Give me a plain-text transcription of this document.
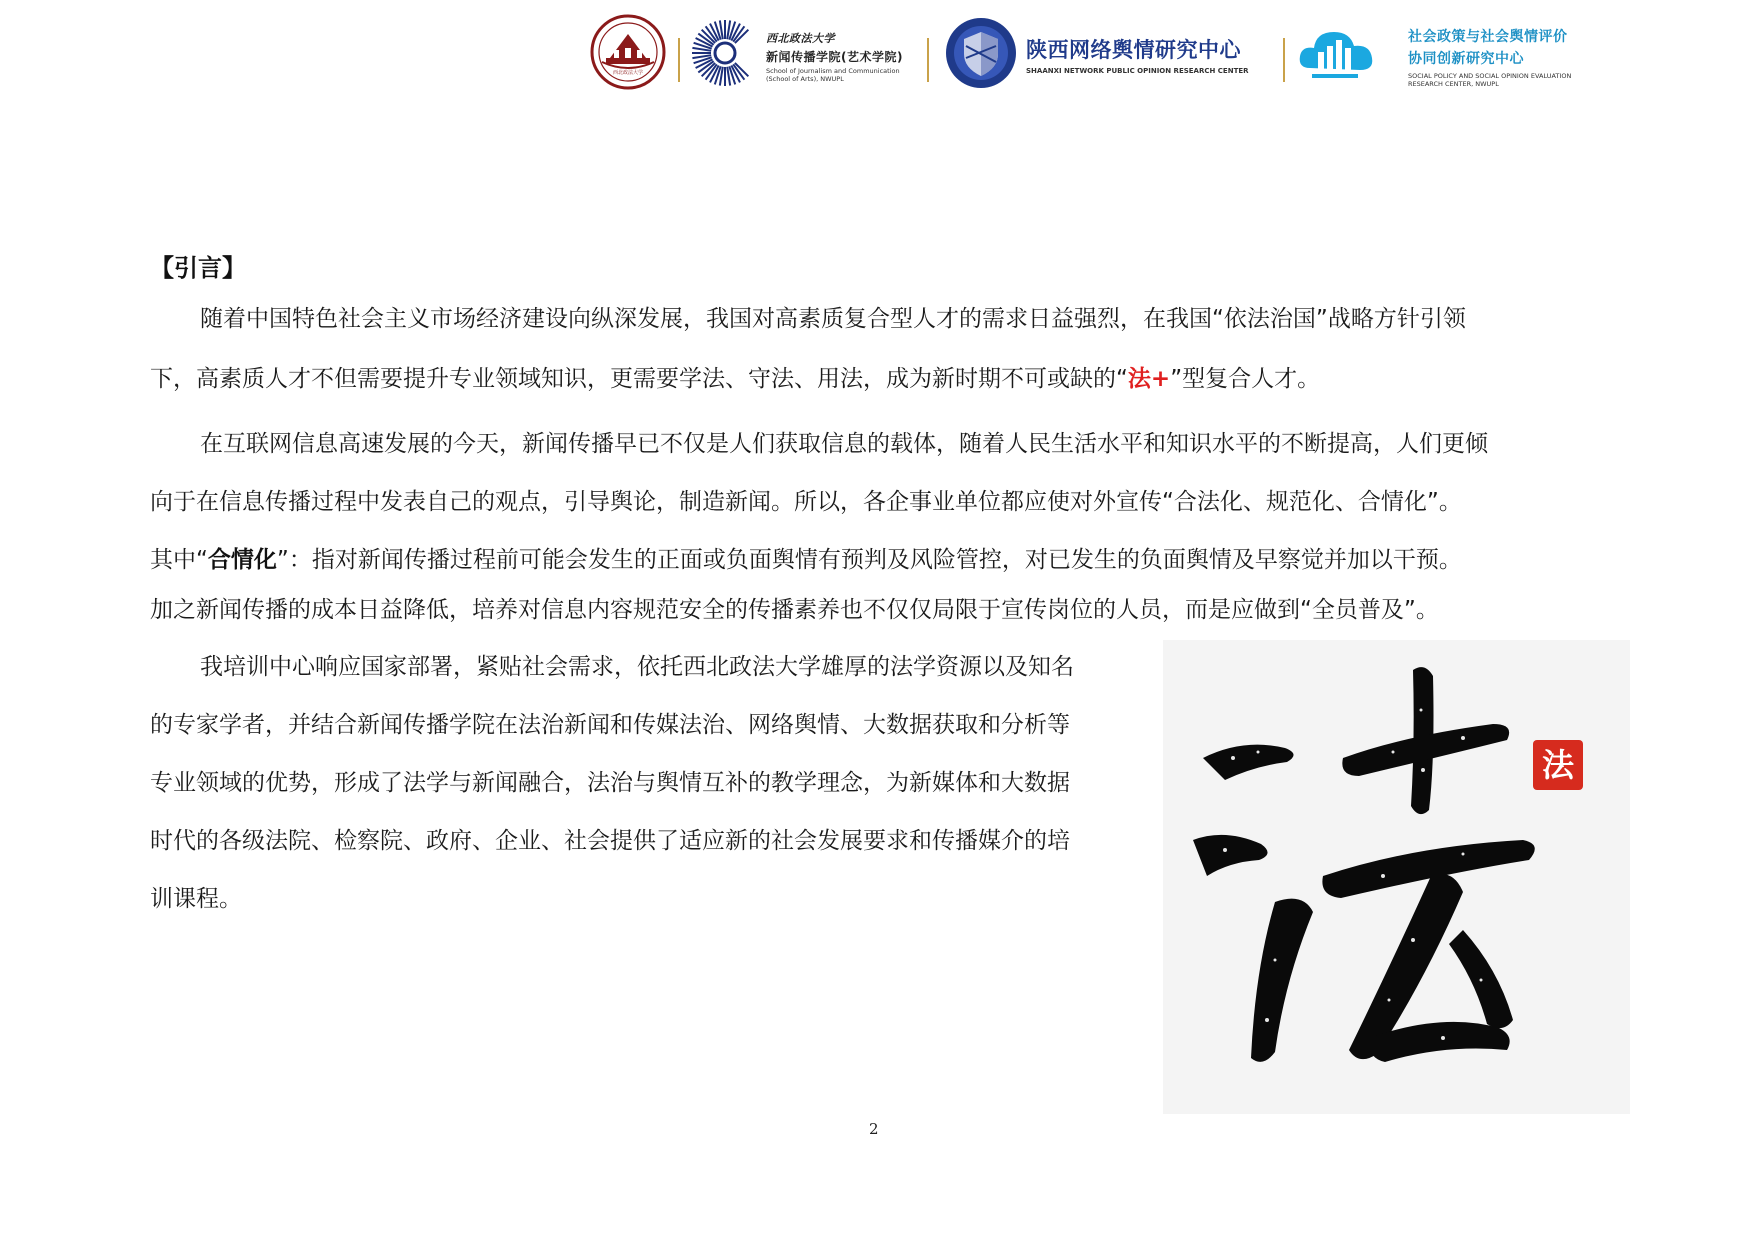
西北政法大学
西北政法大学
新闻传播学院(艺术学院)
School of Journalism and Communication
(School of Arts), NWUPL
陕西网络舆情研究中心
SHAANXI NETWORK PUBLIC OPINION RESEARCH CENTER
社会政策与社会舆情评价
协同创新研究中心
SOCIAL POLICY AND SOCIAL OPINION EVALUATION
RESEARCH CENTER, NWUPL
【引言】
随着中国特色社会主义市场经济建设向纵深发展，我国对高素质复合型人才的需求日益强烈，在我国“依法治国”战略方针引领
下，高素质人才不但需要提升专业领域知识，更需要学法、守法、用法，成为新时期不可或缺的“法+”型复合人才。
在互联网信息高速发展的今天，新闻传播早已不仅是人们获取信息的载体，随着人民生活水平和知识水平的不断提高，人们更倾
向于在信息传播过程中发表自己的观点，引导舆论，制造新闻。所以，各企事业单位都应使对外宣传“合法化、规范化、合情化”。
其中“合情化”：指对新闻传播过程前可能会发生的正面或负面舆情有预判及风险管控，对已发生的负面舆情及早察觉并加以干预。
加之新闻传播的成本日益降低，培养对信息内容规范安全的传播素养也不仅仅局限于宣传岗位的人员，而是应做到“全员普及”。
我培训中心响应国家部署，紧贴社会需求，依托西北政法大学雄厚的法学资源以及知名
的专家学者，并结合新闻传播学院在法治新闻和传媒法治、网络舆情、大数据获取和分析等
专业领域的优势，形成了法学与新闻融合，法治与舆情互补的教学理念，为新媒体和大数据
时代的各级法院、检察院、政府、企业、社会提供了适应新的社会发展要求和传播媒介的培
训课程。
法
2
